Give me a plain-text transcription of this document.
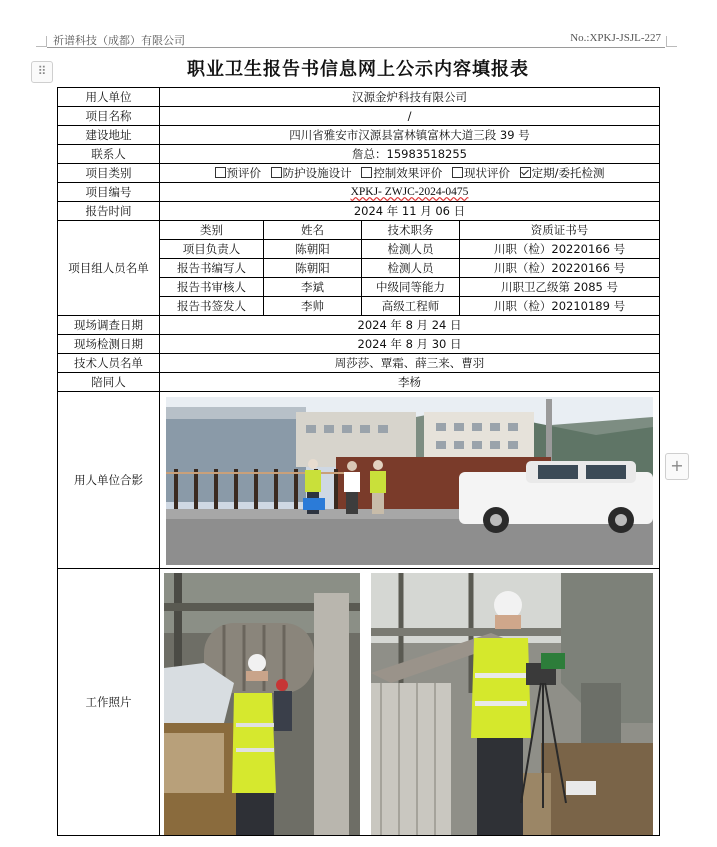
祈谱科技（成都）有限公司	No.:XPKJ-JSJL-227
⠿
+
职业卫生报告书信息网上公示内容填报表
用人单位	汉源金炉科技有限公司			
项目名称	/			
建设地址	四川省雅安市汉源县富林镇富林大道三段 39 号			
联系人	詹总：15983518255			
项目类别	预评价 防护设施设计 控制效果评价 现状评价 定期/委托检测			
项目编号	XPKJ- ZWJC-2024-0475			
报告时间	2024 年 11 月 06 日			
项目组人员名单	类别	姓名	技术职务	资质证书号
	项目负责人	陈朝阳	检测人员	川职（检）20220166 号
	报告书编写人	陈朝阳	检测人员	川职（检）20220166 号
	报告书审核人	李斌	中级同等能力	川职卫乙级第 2085 号
	报告书签发人	李帅	高级工程师	川职（检）20210189 号
现场调查日期	2024 年 8 月 24 日			
现场检测日期	2024 年 8 月 30 日			
技术人员名单	周莎莎、覃霜、薛三来、曹羽			
陪同人	李杨			
用人单位合影	

工作照片	
